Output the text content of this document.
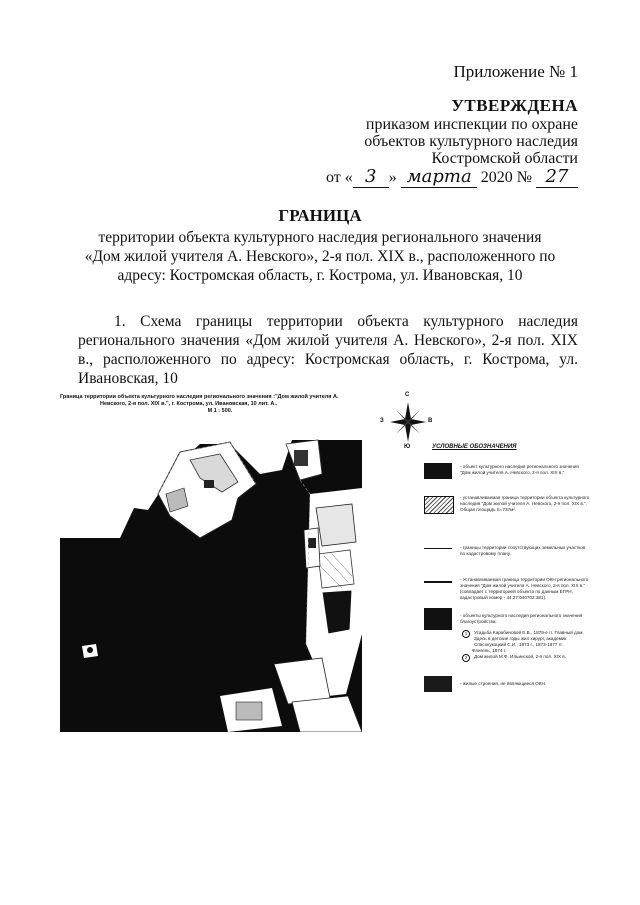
Приложение № 1
УТВЕРЖДЕНА
приказом инспекции по охране
объектов культурного наследия
Костромской области
от « 3 » марта 2020 № 27
ГРАНИЦА
территории объекта культурного наследия регионального значения «Дом жилой учителя А. Невского», 2-я пол. XIX в., расположенного по адресу: Костромская область, г. Кострома, ул. Ивановская, 10
1. Схема границы территории объекта культурного наследия регионального значения «Дом жилой учителя А. Невского», 2-я пол. XIX в., расположенного по адресу: Костромская область, г. Кострома, ул. Ивановская, 10
Граница территории объекта культурного наследия регионального значения :"Дом жилой учителя А.
Невского, 2-я пол. XIX в.", г. Кострома, ул. Ивановская, 10 лит. А..
М 1 : 500.
С
Ю
З	В
УСЛОВНЫЕ ОБОЗНАЧЕНИЯ
- объект культурного наследия регионального значения "Дом жилой учителя А. Невского, 2-я пол. XIX в.".
- устанавливаемая граница территории объекта культурного наследия "Дом жилой учителя А. Невского, 2-я пол. XIX в.". Общая площадь S=737м².
- границы территории сопутствующих земельных участков по кадастровому плану.
- Устанавливаемая граница территории ОКН регионального значения "Дом жилой учителя А. Невского, 2-я пол. XIX в."(совпадает с территорией объекта по данным ЕГРН, кадастровый номер - 44:27:040702:381).
- объекты культурного наследия регионального значения благоустройства:
1	Усадьба Карабиновой Е.В., 1879-е гг. Главный дом. Здесь в детские годы жил хирург, академик Спасокукоцкий С.И., 1873 г., 1873-1877 гг.
Флигель, 1874 г.
2	Дом жилой М.Ф. Ильинской, 2-я пол. XIX в.
- жилые строения, не являющиеся ОКН.
